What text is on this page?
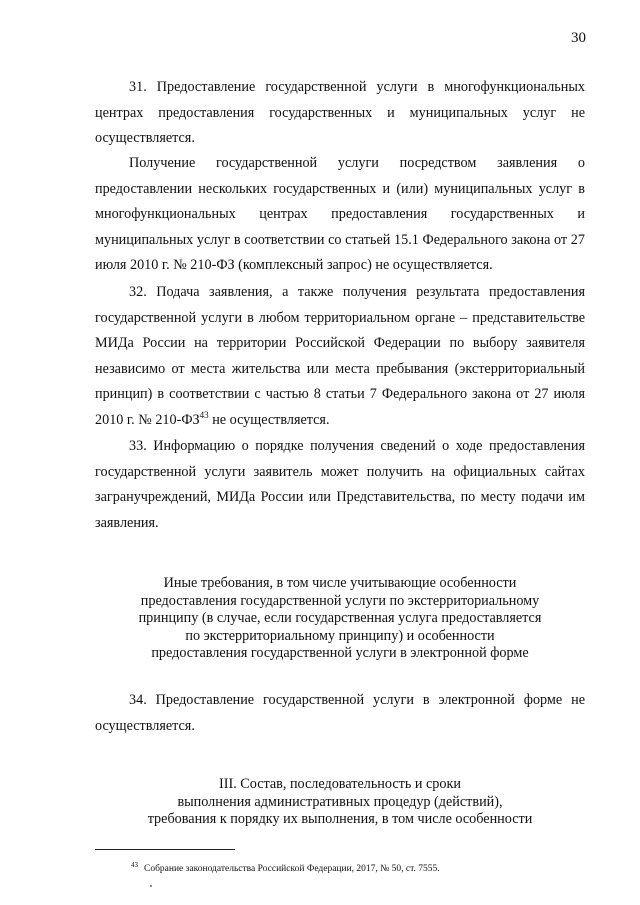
30

31. Предоставление государственной услуги в многофункциональных центрах предоставления государственных и муниципальных услуг не осуществляется.

Получение государственной услуги посредством заявления о предоставлении нескольких государственных и (или) муниципальных услуг в многофункциональных центрах предоставления государственных и муниципальных услуг в соответствии со статьей 15.1 Федерального закона от 27 июля 2010 г. № 210-ФЗ (комплексный запрос) не осуществляется.

32. Подача заявления, а также получения результата предоставления государственной услуги в любом территориальном органе – представительстве МИДа России на территории Российской Федерации по выбору заявителя независимо от места жительства или места пребывания (экстерриториальный принцип) в соответствии с частью 8 статьи 7 Федерального закона от 27 июля 2010 г. № 210-ФЗ$^{43}$ не осуществляется.

33. Информацию о порядке получения сведений о ходе предоставления государственной услуги заявитель может получить на официальных сайтах загранучреждений, МИДа России или Представительства, по месту подачи им заявления.

Иные требования, в том числе учитывающие особенности
предоставления государственной услуги по экстерриториальному
принципу (в случае, если государственная услуга предоставляется
по экстерриториальному принципу) и особенности
предоставления государственной услуги в электронной форме

34. Предоставление государственной услуги в электронной форме не осуществляется.

III. Состав, последовательность и сроки
выполнения административных процедур (действий),
требования к порядку их выполнения, в том числе особенности
$^{43}$ Собрание законодательства Российской Федерации, 2017, № 50, ст. 7555.
